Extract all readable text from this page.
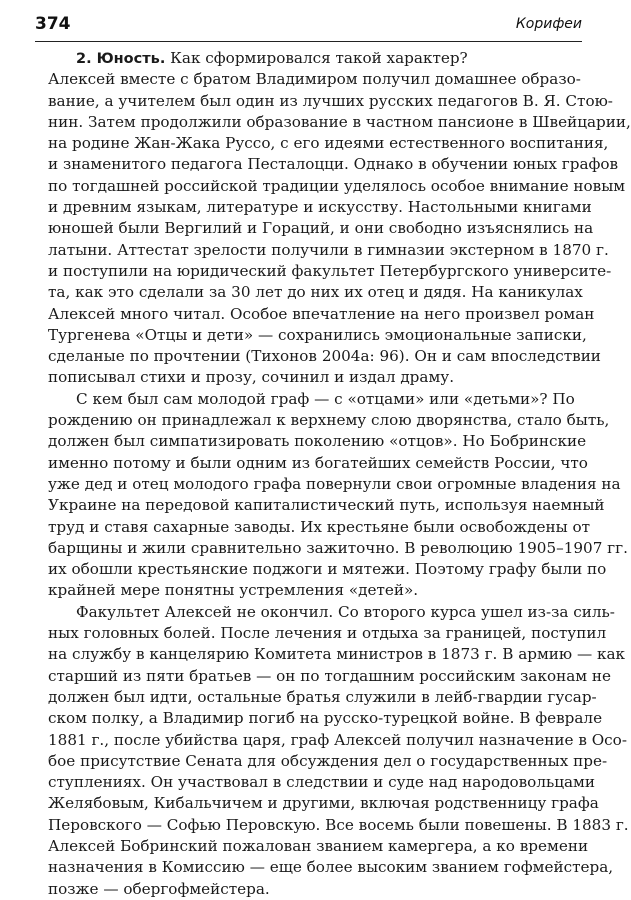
374	Корифеи
2. Юность. Как сформировался такой характер?
Алексей вместе с братом Владимиром получил домашнее образо-
вание, а учителем был один из лучших русских педагогов В. Я. Стою-
нин. Затем продолжили образование в частном пансионе в Швейцарии,
на родине Жан-Жака Руссо, с его идеями естественного воспитания,
и знаменитого педагога Песталоцци. Однако в обучении юных графов
по тогдашней российской традиции уделялось особое внимание новым
и древним языкам, литературе и искусству. Настольными книгами
юношей были Вергилий и Гораций, и они свободно изъяснялись на
латыни. Аттестат зрелости получили в гимназии экстерном в 1870 г.
и поступили на юридический факультет Петербургского университе-
та, как это сделали за 30 лет до них их отец и дядя. На каникулах
Алексей много читал. Особое впечатление на него произвел роман
Тургенева «Отцы и дети» — сохранились эмоциональные записки,
сделаные по прочтении (Тихонов 2004а: 96). Он и сам впоследствии
пописывал стихи и прозу, сочинил и издал драму.
С кем был сам молодой граф — с «отцами» или «детьми»? По
рождению он принадлежал к верхнему слою дворянства, стало быть,
должен был симпатизировать поколению «отцов». Но Бобринские
именно потому и были одним из богатейших семейств России, что
уже дед и отец молодого графа повернули свои огромные владения на
Украине на передовой капиталистический путь, используя наемный
труд и ставя сахарные заводы. Их крестьяне были освобождены от
барщины и жили сравнительно зажиточно. В революцию 1905–1907 гг.
их обошли крестьянские поджоги и мятежи. Поэтому графу были по
крайней мере понятны устремления «детей».
Факультет Алексей не окончил. Со второго курса ушел из-за силь-
ных головных болей. После лечения и отдыха за границей, поступил
на службу в канцелярию Комитета министров в 1873 г. В армию — как
старший из пяти братьев — он по тогдашним российским законам не
должен был идти, остальные братья служили в лейб-гвардии гусар-
ском полку, а Владимир погиб на русско-турецкой войне. В феврале
1881 г., после убийства царя, граф Алексей получил назначение в Осо-
бое присутствие Сената для обсуждения дел о государственных пре-
ступлениях. Он участвовал в следствии и суде над народовольцами
Желябовым, Кибальчичем и другими, включая родственницу графа
Перовского — Софью Перовскую. Все восемь были повешены. В 1883 г.
Алексей Бобринский пожалован званием камергера, а ко времени
назначения в Комиссию — еще более высоким званием гофмейстера,
позже — обергофмейстера.
